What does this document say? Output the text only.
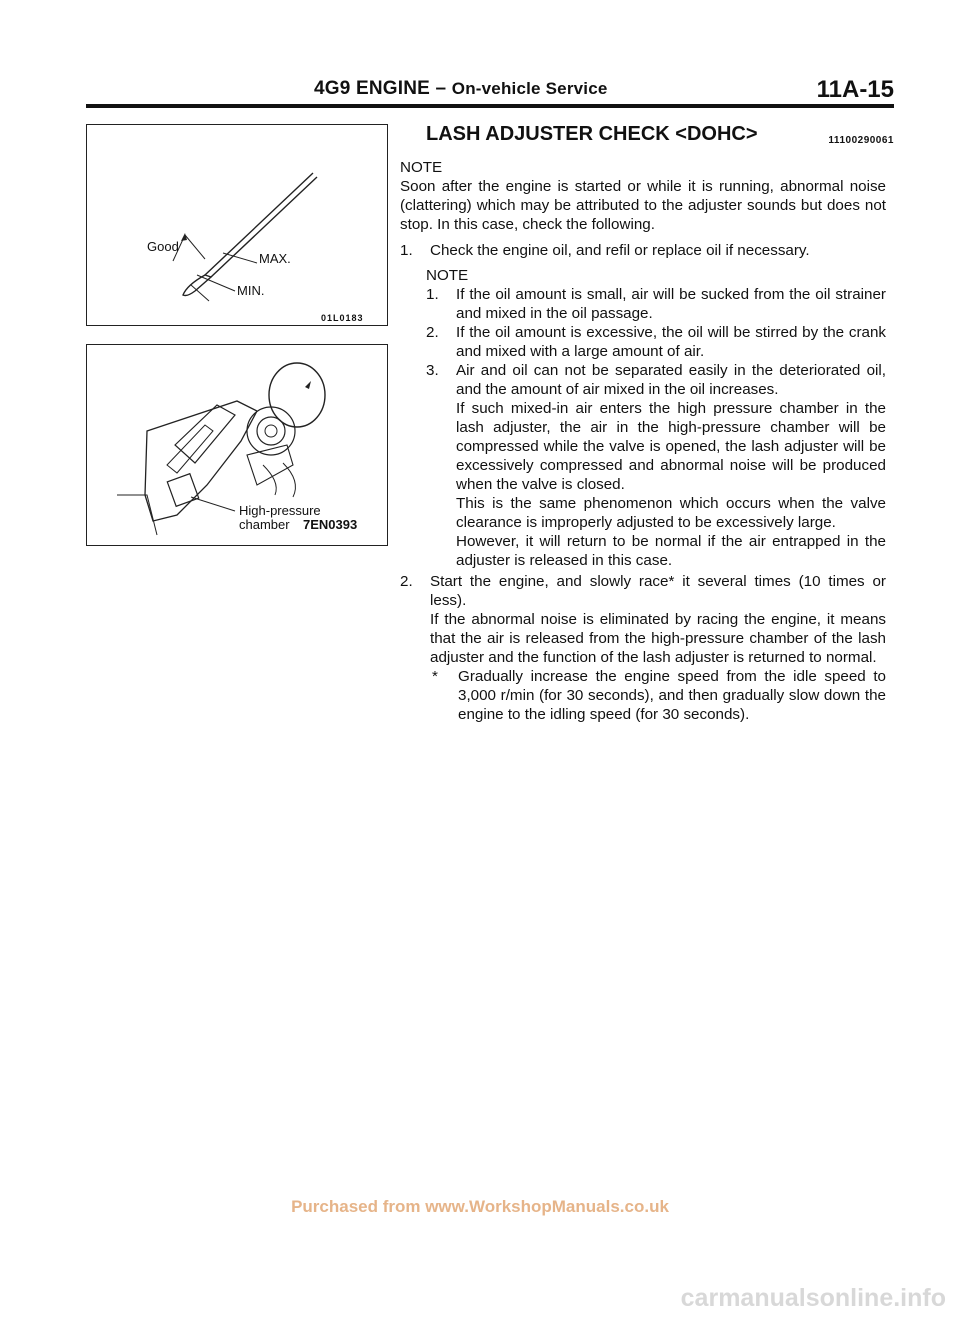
4G9 ENGINE – On-vehicle Service	11A-15
Good
MAX.
MIN.
01L0183
High-pressure
chamber 7EN0393
LASH ADJUSTER CHECK <DOHC>	11100290061

NOTE

Soon after the engine is started or while it is running, abnormal noise (clattering) which may be attributed to the adjuster sounds but does not stop. In this case, check the following.

1.	Check the engine oil, and refil or replace oil if necessary.
NOTE
1.	If the oil amount is small, air will be sucked from the oil strainer and mixed in the oil passage.
2.	If the oil amount is excessive, the oil will be stirred by the crank and mixed with a large amount of air.
3.	Air and oil can not be separated easily in the deteriorated oil, and the amount of air mixed in the oil increases.

If such mixed-in air enters the high pressure chamber in the lash adjuster, the air in the high-pressure chamber will be compressed while the valve is opened, the lash adjuster will be excessively compressed and abnormal noise will be produced when the valve is closed.

This is the same phenomenon which occurs when the valve clearance is improperly adjusted to be excessively large.

However, it will return to be normal if the air entrapped in the adjuster is released in this case.

2.	Start the engine, and slowly race* it several times (10 times or less).

If the abnormal noise is eliminated by racing the engine, it means that the air is released from the high-pressure chamber of the lash adjuster and the function of the lash adjuster is returned to normal.

*	Gradually increase the engine speed from the idle speed to 3,000 r/min (for 30 seconds), and then gradually slow down the engine to the idling speed (for 30 seconds).
Purchased from www.WorkshopManuals.co.uk
carmanualsonline.info
